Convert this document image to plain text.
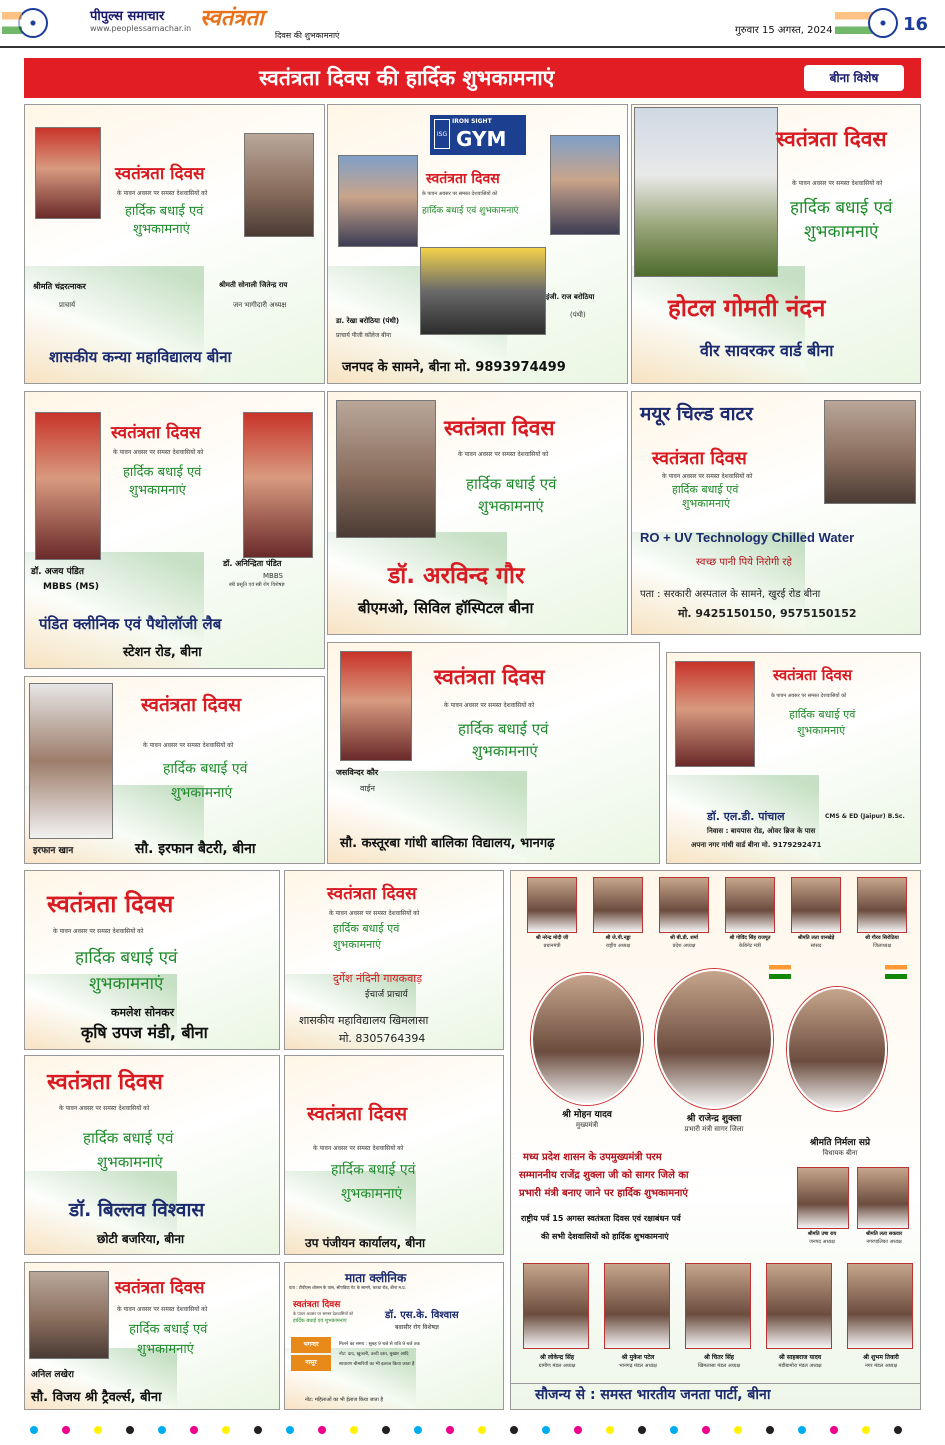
पीपुल्स समाचार
www.peoplessamachar.in स्वतंत्रता
दिवस की शुभकामनाएं	गुरुवार 15 अगस्त, 2024	16
स्वतंत्रता दिवस की हार्दिक शुभकामनाएं	बीना विशेष
स्वतंत्रता दिवस
के पावन अवसर पर समस्त देशवासियों को
हार्दिक बधाई एवं
शुभकामनाएं
श्रीमति चंद्ररत्नाकर
प्राचार्य
श्रीमती सोनाली जितेन्द्र राय
जन भागीदारी अध्यक्ष
शासकीय कन्या महाविद्यालय बीना
IRON SIGHT
ISG GYM
स्वतंत्रता दिवस
के पावन अवसर पर समस्त देशवासियों को
हार्दिक बधाई एवं शुभकामनाएं
डा. रेखा बरोठिया (पंथी)
प्राचार्य पीजी कॉलेज बीना
इंजी. राज बरोठिया
(पंथी)
जनपद के सामने, बीना मो. 9893974499
स्वतंत्रता दिवस
के पावन अवसर पर समस्त देशवासियों को
हार्दिक बधाई एवं
शुभकामनाएं
होटल गोमती नंदन
वीर सावरकर वार्ड बीना
स्वतंत्रता दिवस
के पावन अवसर पर समस्त देशवासियों को
हार्दिक बधाई एवं
शुभकामनाएं
डॉ. अजय पंडित
MBBS (MS)
डॉ. अनिन्द्रिता पंडित
MBBS
स्त्री प्रसूति एवं स्त्री रोग विशेषज्ञ
पंडित क्लीनिक एवं पैथोलॉजी लैब
स्टेशन रोड, बीना
स्वतंत्रता दिवस
के पावन अवसर पर समस्त देशवासियों को
हार्दिक बधाई एवं
शुभकामनाएं
डॉ. अरविन्द गौर
बीएमओ, सिविल हॉस्पिटल बीना
मयूर चिल्ड वाटर
स्वतंत्रता दिवस
के पावन अवसर पर समस्त देशवासियों को
हार्दिक बधाई एवं
शुभकामनाएं
RO + UV Technology Chilled Water
स्वच्छ पानी पिये निरोगी रहे
पता : सरकारी अस्पताल के सामने, खुरई रोड बीना
मो. 9425150150, 9575150152
स्वतंत्रता दिवस
के पावन अवसर पर समस्त देशवासियों को
हार्दिक बधाई एवं
शुभकामनाएं
इरफान खान	सौ. इरफान बैटरी, बीना
स्वतंत्रता दिवस
के पावन अवसर पर समस्त देशवासियों को
हार्दिक बधाई एवं
शुभकामनाएं
जसविन्दर कौर
वाईन
सौ. कस्तूरबा गांधी बालिका विद्यालय, भानगढ़
स्वतंत्रता दिवस
के पावन अवसर पर समस्त देशवासियों को
हार्दिक बधाई एवं
शुभकामनाएं
डॉ. एल.डी. पांचाल	CMS & ED (Jaipur) B.Sc.
निवास : बायपास रोड, ओवर ब्रिज के पास
अपना नगर गांधी वार्ड बीना मो. 9179292471
स्वतंत्रता दिवस
के पावन अवसर पर समस्त देशवासियों को
हार्दिक बधाई एवं
शुभकामनाएं
कमलेश सोनकर
कृषि उपज मंडी, बीना
स्वतंत्रता दिवस
के पावन अवसर पर समस्त देशवासियों को
हार्दिक बधाई एवं
शुभकामनाएं
दुर्गेश नंदिनी गायकवाड़
ईचार्ज प्राचार्य
शासकीय महाविद्यालय खिमलासा
मो. 8305764394
स्वतंत्रता दिवस
के पावन अवसर पर समस्त देशवासियों को
हार्दिक बधाई एवं
शुभकामनाएं
डॉ. बिल्लव विश्वास
छोटी बजरिया, बीना
स्वतंत्रता दिवस
के पावन अवसर पर समस्त देशवासियों को
हार्दिक बधाई एवं
शुभकामनाएं
उप पंजीयन कार्यालय, बीना
स्वतंत्रता दिवस
के पावन अवसर पर समस्त देशवासियों को
हार्दिक बधाई एवं
शुभकामनाएं
अनिल लखेरा
सौ. विजय श्री ट्रैवर्ल्स, बीना
माता क्लीनिक
पता : टीवीएस शोरूम के पास, सीएडिया गेट के सामने, कच्चा रोड, बीना म.प्र.
स्वतंत्रता दिवस
के पावन अवसर पर समस्त देशवासियों को
हार्दिक बधाई एवं शुभकामनाएं	डॉ. एस.के. विश्वास
बवासीर रोग विशेषज्ञ
भगन्दर
नासूर
मिलने का समय : सुबह 9 बजे से रात्रि 9 बजे तक
नोट: दाद, खुजली, उल्टी दस्त, बुखार आदि
साधारण बीमारियों का भी इलाज किया जाता है
नोट: महिलाओं का भी ईलाज किया जाता है
श्री नरेन्द्र मोदी जी
प्रधानमंत्री
श्री जे.पी.नड्डा
राष्ट्रीय अध्यक्ष
श्री बी.डी. शर्मा
प्रदेश अध्यक्ष
श्री गोविंद सिंह राजपूत
केबिनेट मंत्री
श्रीमति लता वानखेड़े
सांसद
श्री गौरव सिरोठिया
जिलाध्यक्ष
श्री मोहन यादव
मुख्यमंत्री
श्री राजेन्द्र शुक्ला
प्रभारी मंत्री सागर जिला
श्रीमति निर्मला सप्रे
विधायक बीना
मध्य प्रदेश शासन के उपमुख्यमंत्री परम
सम्माननीय राजेंद्र शुक्ला जी को सागर जिले का
प्रभारी मंत्री बनाए जाने पर हार्दिक शुभकामनाएं
राष्ट्रीय पर्व 15 अगस्त स्वतंत्रता दिवस एवं रक्षाबंधन पर्व
की सभी देशवासियों को हार्दिक शुभकामनाएं	श्रीमति उषा राय
जनपद अध्यक्ष
श्रीमति लता सकवार
नगरपालिका अध्यक्ष
श्री लोकेन्द्र सिंह
ग्रामीण मंडल अध्यक्ष
श्री मुकेश पटेल
भानगढ़ मंडल अध्यक्ष
श्री चितर सिंह
खिमलासा मंडल अध्यक्ष
श्री साहबराज यादव
मंडीबामोरा मंडल अध्यक्ष
श्री शुभम तिवारी
नगर मंडल अध्यक्ष
सौजन्य से : समस्त भारतीय जनता पार्टी, बीना
